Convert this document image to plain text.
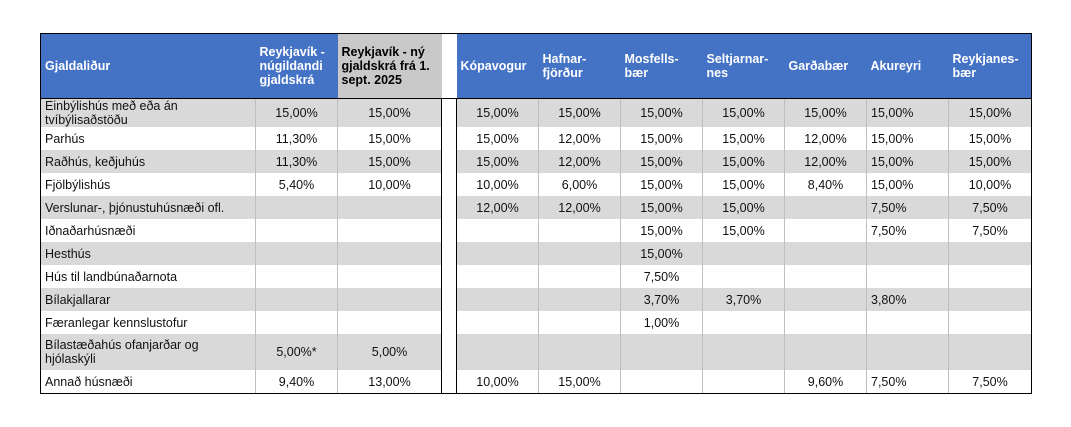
Gjaldaliður	Reykjavík - núgildandi gjaldskrá	Reykjavík - ný gjaldskrá frá 1. sept. 2025		Kópavogur	Hafnar-fjörður	Mosfells-bær	Seltjarnar-nes	Garðabær	Akureyri	Reykjanes-bær
Einbýlishús með eða án tvíbýlisaðstöðu	15,00%	15,00%		15,00%	15,00%	15,00%	15,00%	15,00%	15,00%	15,00%
Parhús	11,30%	15,00%		15,00%	12,00%	15,00%	15,00%	12,00%	15,00%	15,00%
Raðhús, keðjuhús	11,30%	15,00%		15,00%	12,00%	15,00%	15,00%	12,00%	15,00%	15,00%
Fjölbýlishús	5,40%	10,00%		10,00%	6,00%	15,00%	15,00%	8,40%	15,00%	10,00%
Verslunar-, þjónustuhúsnæði ofl.				12,00%	12,00%	15,00%	15,00%		7,50%	7,50%
Iðnaðarhúsnæði						15,00%	15,00%		7,50%	7,50%
Hesthús						15,00%				
Hús til landbúnaðarnota						7,50%				
Bílakjallarar						3,70%	3,70%		3,80%	
Færanlegar kennslustofur						1,00%				
Bílastæðahús ofanjarðar og hjólaskýli	5,00%*	5,00%								
Annað húsnæði	9,40%	13,00%		10,00%	15,00%			9,60%	7,50%	7,50%
